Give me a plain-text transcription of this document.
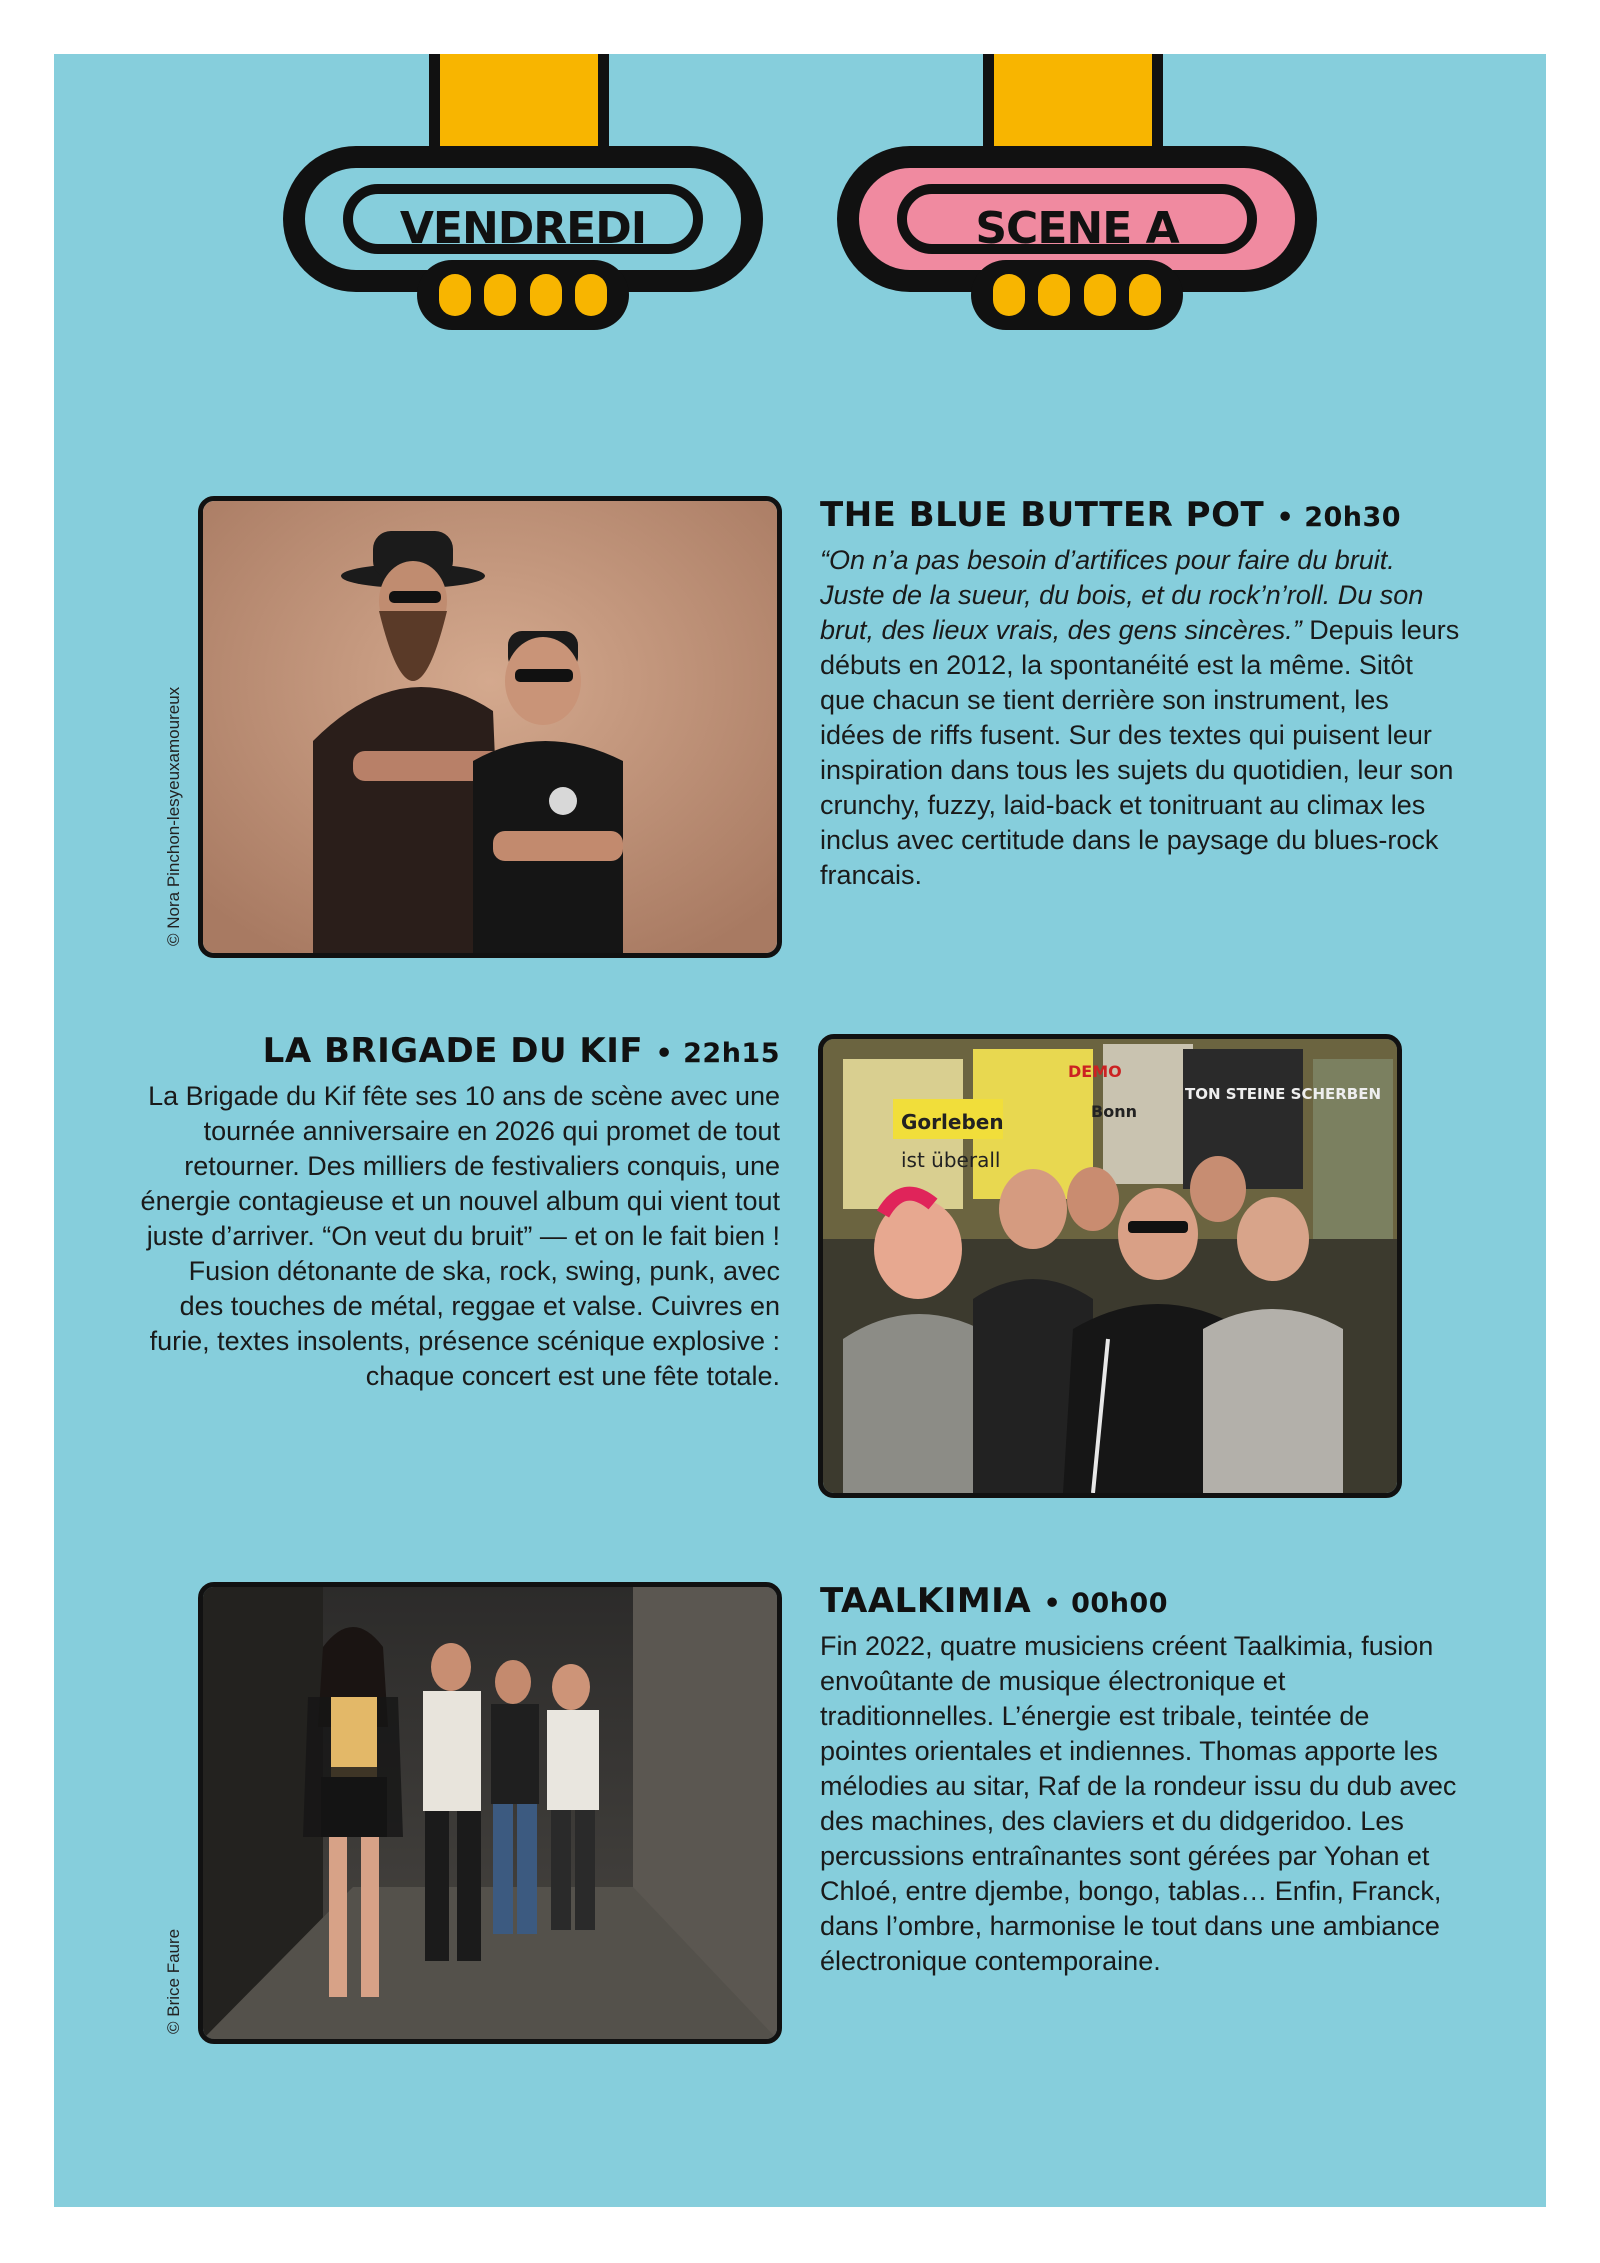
VENDREDI	SCENE A
© Nora Pinchon-lesyeuxamoureux
THE BLUE BUTTER POT • 20h30

“On n’a pas besoin d’artifices pour faire du bruit. Juste de la sueur, du bois, et du rock’n’roll. Du son brut, des lieux vrais, des gens sincères.” Depuis leurs débuts en 2012, la spontanéité est la même. Sitôt que chacun se tient derrière son instrument, les idées de riffs fusent. Sur des textes qui puisent leur inspiration dans tous les sujets du quotidien, leur son crunchy, fuzzy, laid-back et tonitruant au climax les inclus avec certitude dans le paysage du blues-rock francais.

LA BRIGADE DU KIF • 22h15

La Brigade du Kif fête ses 10 ans de scène avec une tournée anniversaire en 2026 qui promet de tout retourner. Des milliers de festivaliers conquis, une énergie contagieuse et un nouvel album qui vient tout juste d’arriver. “On veut du bruit” — et on le fait bien ! Fusion détonante de ska, rock, swing, punk, avec des touches de métal, reggae et valse. Cuivres en furie, textes insolents, présence scénique explosive : chaque concert est une fête totale.

Gorleben
ist überall
TON STEINE SCHERBEN
Bonn
DEMO
© Brice Faure
TAALKIMIA • 00h00

Fin 2022, quatre musiciens créent Taalkimia, fusion envoûtante de musique électronique et traditionnelles. L’énergie est tribale, teintée de pointes orientales et indiennes. Thomas apporte les mélodies au sitar, Raf de la rondeur issu du dub avec des machines, des claviers et du didgeridoo. Les percussions entraînantes sont gérées par Yohan et Chloé, entre djembe, bongo, tablas… Enfin, Franck, dans l’ombre, harmonise le tout dans une ambiance électronique contemporaine.
